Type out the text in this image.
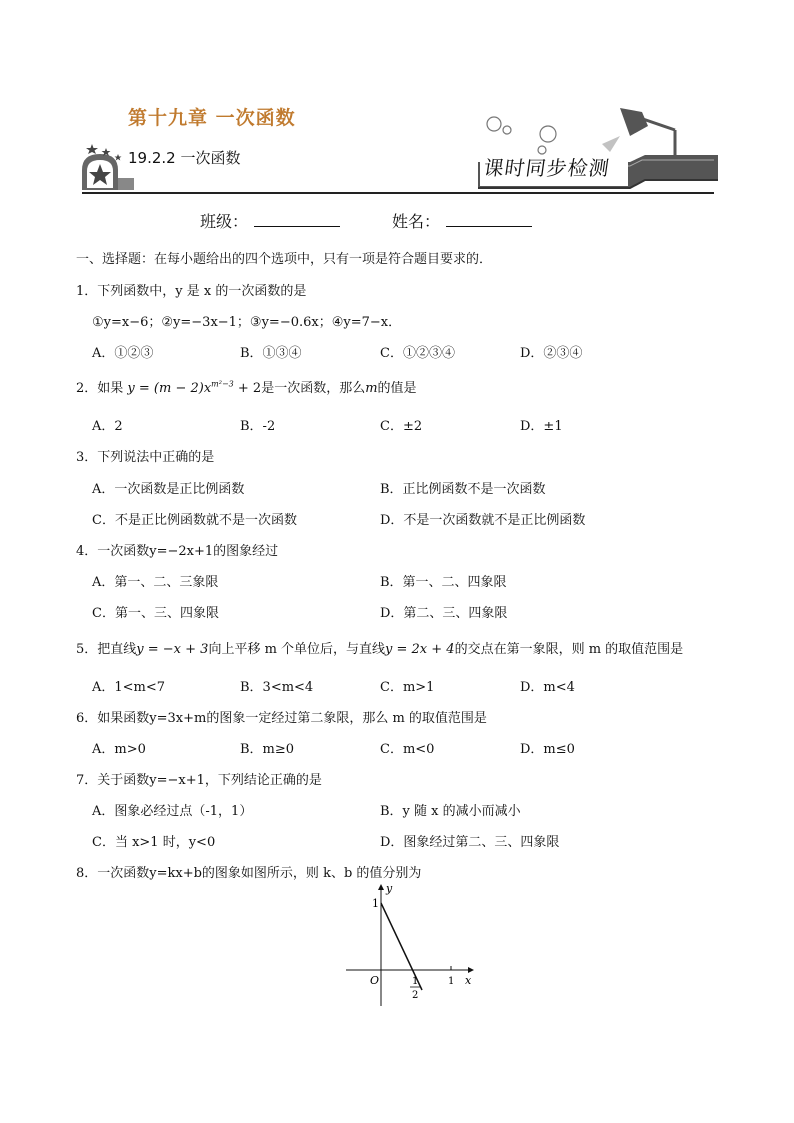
第十九章 一次函数
19.2.2 一次函数	课时同步检测
班级：	姓名：
一、选择题：在每小题给出的四个选项中，只有一项是符合题目要求的．
1．下列函数中，y 是 x 的一次函数的是
①y=x−6；②y=−3x−1；③y=−0.6x；④y=7−x．
A．①②③	B．①③④	C．①②③④	D．②③④
2．如果 $y = (m - 2)x^{m^2-3} + 2$是一次函数，那么m的值是
A．2	B．-2	C．±2	D．±1
3．下列说法中正确的是
A．一次函数是正比例函数	B．正比例函数不是一次函数
C．不是正比例函数就不是一次函数	D．不是一次函数就不是正比例函数
4．一次函数y=−2x+1的图象经过
A．第一、二、三象限	B．第一、二、四象限
C．第一、三、四象限	D．第二、三、四象限
5．把直线y = −x + 3向上平移 m 个单位后，与直线y = 2x + 4的交点在第一象限，则 m 的取值范围是
A．1<m<7	B．3<m<4	C．m>1	D．m<4
6．如果函数y=3x+m的图象一定经过第二象限，那么 m 的取值范围是
A．m>0	B．m≥0	C．m<0	D．m≤0
7．关于函数y=−x+1，下列结论正确的是
A．图象必经过点（-1，1）	B．y 随 x 的减小而减小
C．当 x>1 时，y<0	D．图象经过第二、三、四象限
8．一次函数y=kx+b的图象如图所示，则 k、b 的值分别为
y
x
O
1
1
2
1
